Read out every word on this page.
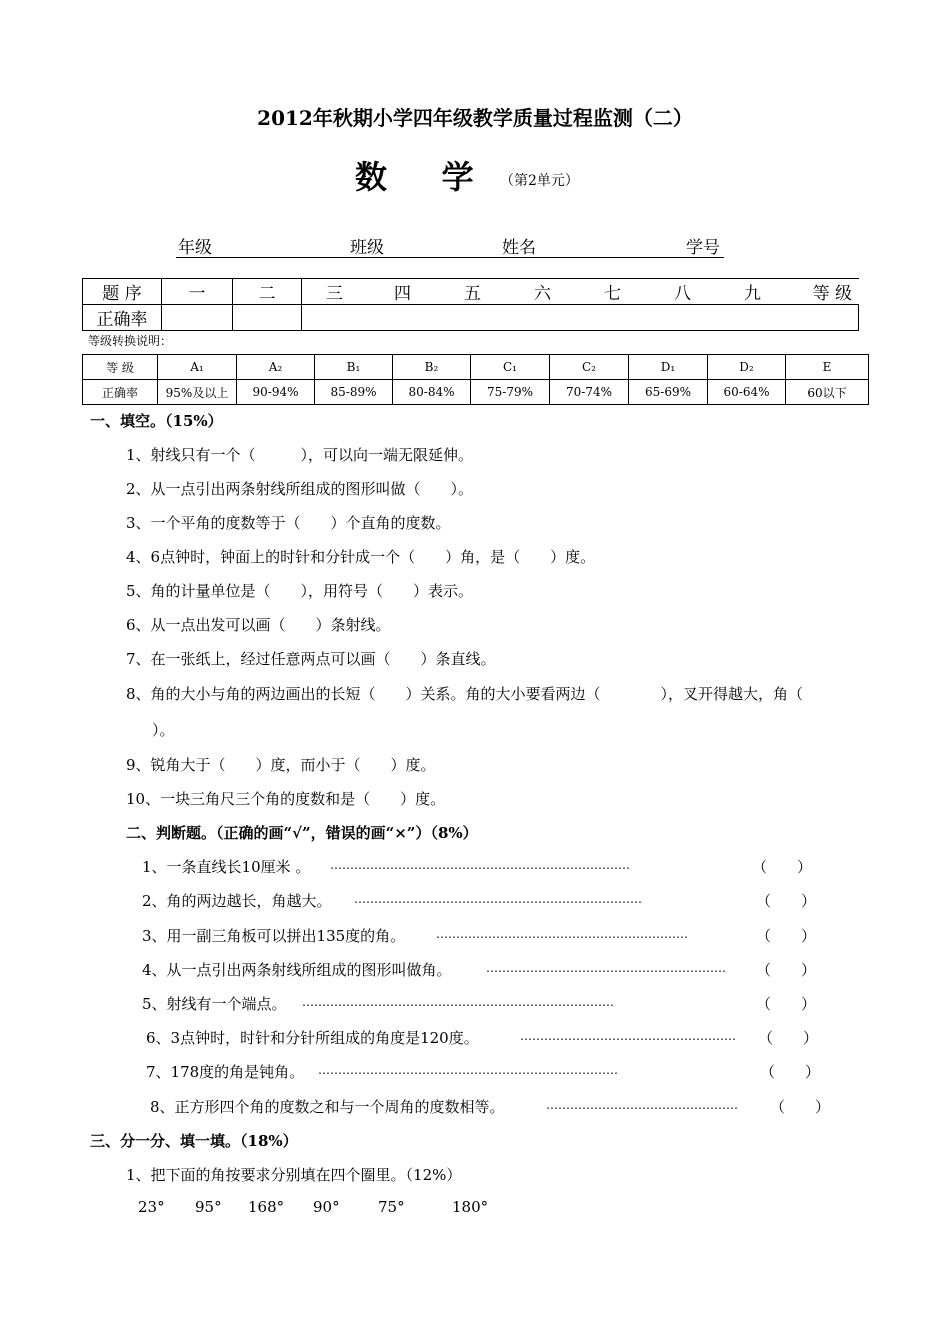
2012年秋期小学四年级教学质量过程监测（二）
数    学 （第2单元）
年级	班级	姓名	学号
题 序	一	二	三 四 五 六 七 八 九 等 级
正确率			
等级转换说明：
等 级	A₁	A₂	B₁	B₂	C₁	C₂	D₁	D₂	E
正确率	95%及以上	90-94%	85-89%	80-84%	75-79%	70-74%	65-69%	60-64%	60以下
一、填空。（15%）
1、射线只有一个（　　　），可以向一端无限延伸。
2、从一点引出两条射线所组成的图形叫做（　　）。
3、一个平角的度数等于（　　）个直角的度数。
4、6点钟时，钟面上的时针和分针成一个（　　）角，是（　　）度。
5、角的计量单位是（　　），用符号（　　）表示。
6、从一点出发可以画（　　）条射线。
7、在一张纸上，经过任意两点可以画（　　）条直线。
8、角的大小与角的两边画出的长短（　　）关系。角的大小要看两边（　　　　），叉开得越大，角（
）。
9、锐角大于（　　）度，而小于（　　）度。
10、一块三角尺三个角的度数和是（　　）度。
二、判断题。（正确的画“√”，错误的画“×”）（8%）
1、一条直线长10厘米 。 …………………………………………………………………	（　　）
2、角的两边越长，角越大。 ………………………………………………………………	（　　）
3、用一副三角板可以拼出135度的角。	………………………………………………………	（　　）
4、从一点引出两条射线所组成的图形叫做角。	…………………………………………………… （　　）
5、射线有一个端点。 ……………………………………………………………………	（　　）
6、3点钟时，时针和分针所组成的角度是120度。	……………………………………………… （　　）
7、178度的角是钝角。 …………………………………………………………………	（　　）
8、正方形四个角的度数之和与一个周角的度数相等。	………………………………………… （　　）
三、分一分、填一填。（18%）
1、把下面的角按要求分别填在四个圈里。（12%）
23° 95° 168° 90°	75°	180°
